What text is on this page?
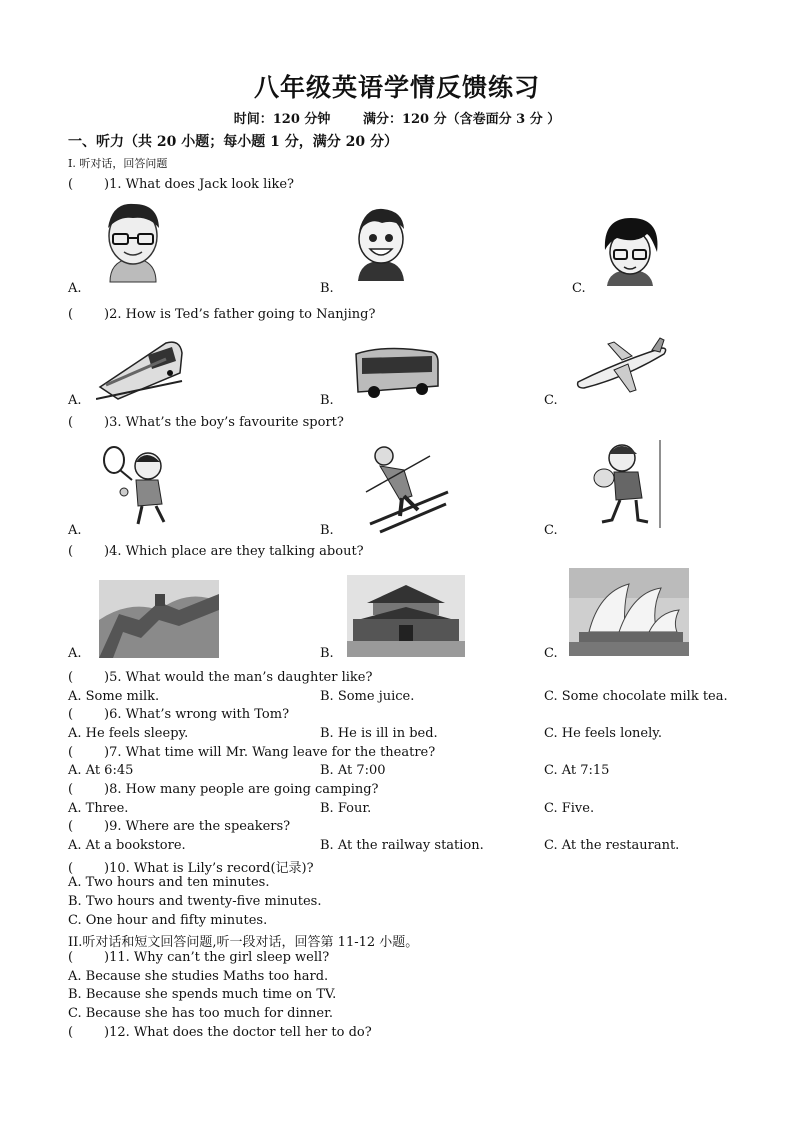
八年级英语学情反馈练习
时间：120 分钟	满分：120 分（含卷面分 3 分 ）
一、听力（共 20 小题；每小题 1 分，满分 20 分）
I. 听对话，回答问题
( )1. What does Jack look like?
A.	B.	C.
( )2. How is Ted’s father going to Nanjing?
A.	B.	C.
( )3. What’s the boy’s favourite sport?
A.	B.	C.
( )4. Which place are they talking about?
A.	B.	C.
( )5. What would the man’s daughter like?
A. Some milk.	B. Some juice.	C. Some chocolate milk tea.
( )6. What’s wrong with Tom?
A. He feels sleepy.	B. He is ill in bed.	C. He feels lonely.
( )7. What time will Mr. Wang leave for the theatre?
A. At 6:45	B. At 7:00	C. At 7:15
( )8. How many people are going camping?
A. Three.	B. Four.	C. Five.
( )9. Where are the speakers?
A. At a bookstore.	B. At the railway station.	C. At the restaurant.
( )10. What is Lily’s record(记录)?
A. Two hours and ten minutes.
B. Two hours and twenty-five minutes.
C. One hour and fifty minutes.
II.听对话和短文回答问题,听一段对话，回答第 11-12 小题。
( )11. Why can’t the girl sleep well?
A. Because she studies Maths too hard.
B. Because she spends much time on TV.
C. Because she has too much for dinner.
( )12. What does the doctor tell her to do?
